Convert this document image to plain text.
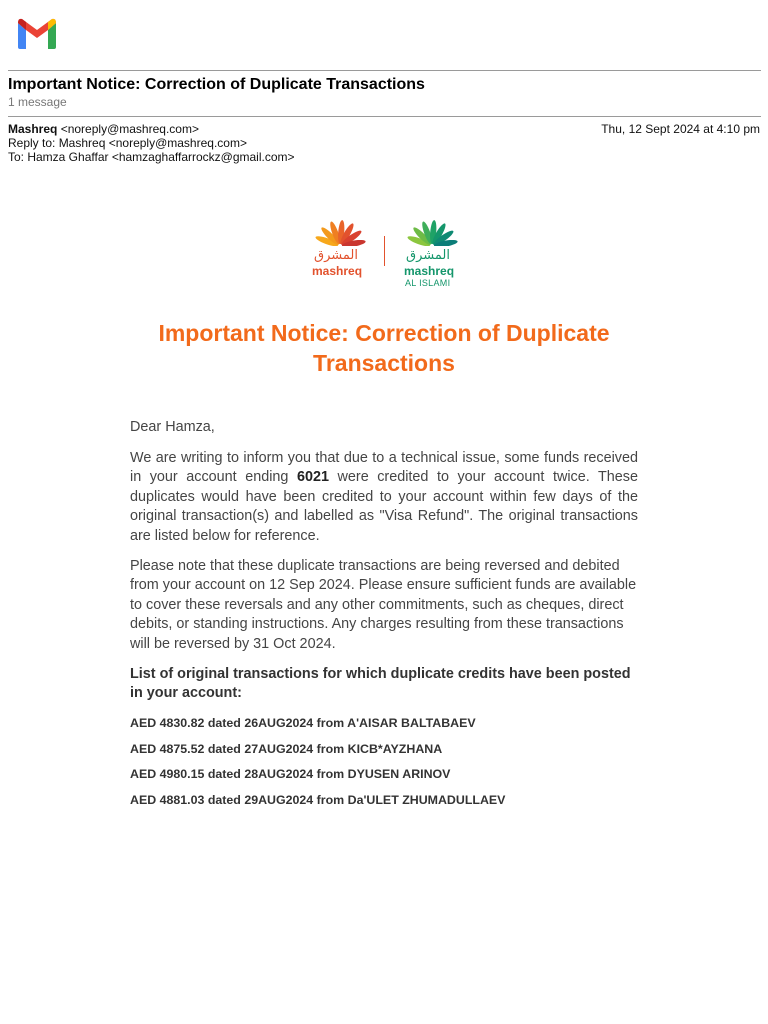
Important Notice: Correction of Duplicate Transactions
1 message
Mashreq <noreply@mashreq.com>
Reply to: Mashreq <noreply@mashreq.com>
To: Hamza Ghaffar <hamzaghaffarrockz@gmail.com>
Thu, 12 Sept 2024 at 4:10 pm
المشرق
mashreq
المشرق
mashreq
AL ISLAMI
Important Notice: Correction of Duplicate Transactions
Dear Hamza,
We are writing to inform you that due to a technical issue, some funds received in your account ending 6021 were credited to your account twice. These duplicates would have been credited to your account within few days of the original transaction(s) and labelled as "Visa Refund". The original transactions are listed below for reference.
Please note that these duplicate transactions are being reversed and debited from your account on 12 Sep 2024. Please ensure sufficient funds are available to cover these reversals and any other commitments, such as cheques, direct debits, or standing instructions. Any charges resulting from these transactions will be reversed by 31 Oct 2024.
List of original transactions for which duplicate credits have been posted in your account:
AED 4830.82 dated 26AUG2024 from A'AISAR BALTABAEV
AED 4875.52 dated 27AUG2024 from KICB*AYZHANA
AED 4980.15 dated 28AUG2024 from DYUSEN ARINOV
AED 4881.03 dated 29AUG2024 from Da'ULET ZHUMADULLAEV
